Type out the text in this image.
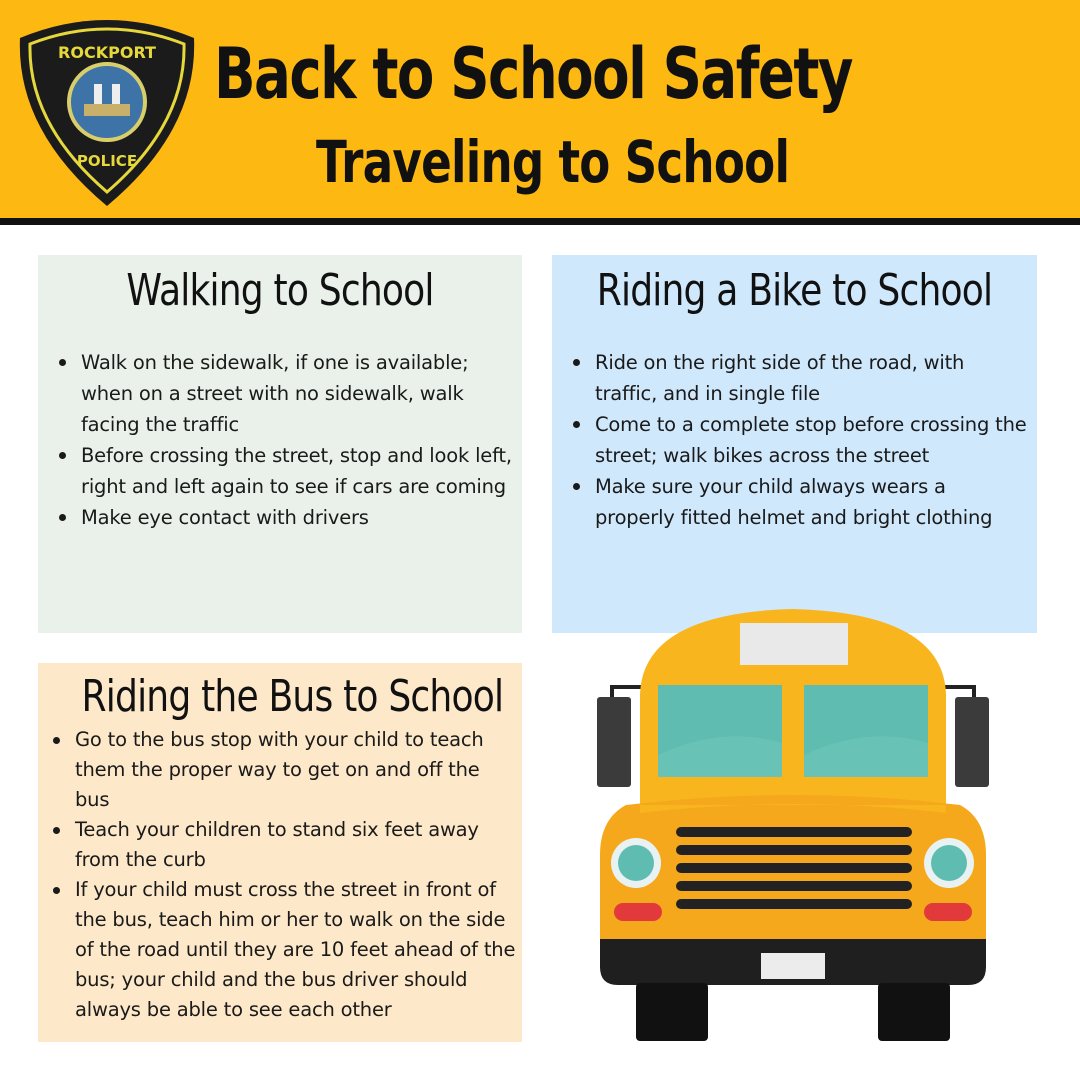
ROCKPORT
POLICE
Back to School Safety
Traveling to School
Walking to School
Walk on the sidewalk, if one is available; when on a street with no sidewalk, walk facing the traffic
Before crossing the street, stop and look left, right and left again to see if cars are coming
Make eye contact with drivers
Riding a Bike to School
Ride on the right side of the road, with traffic, and in single file
Come to a complete stop before crossing the street; walk bikes across the street
Make sure your child always wears a properly fitted helmet and bright clothing
Riding the Bus to School
Go to the bus stop with your child to teach them the proper way to get on and off the bus
Teach your children to stand six feet away from the curb
If your child must cross the street in front of the bus, teach him or her to walk on the side of the road until they are 10 feet ahead of the bus; your child and the bus driver should always be able to see each other
